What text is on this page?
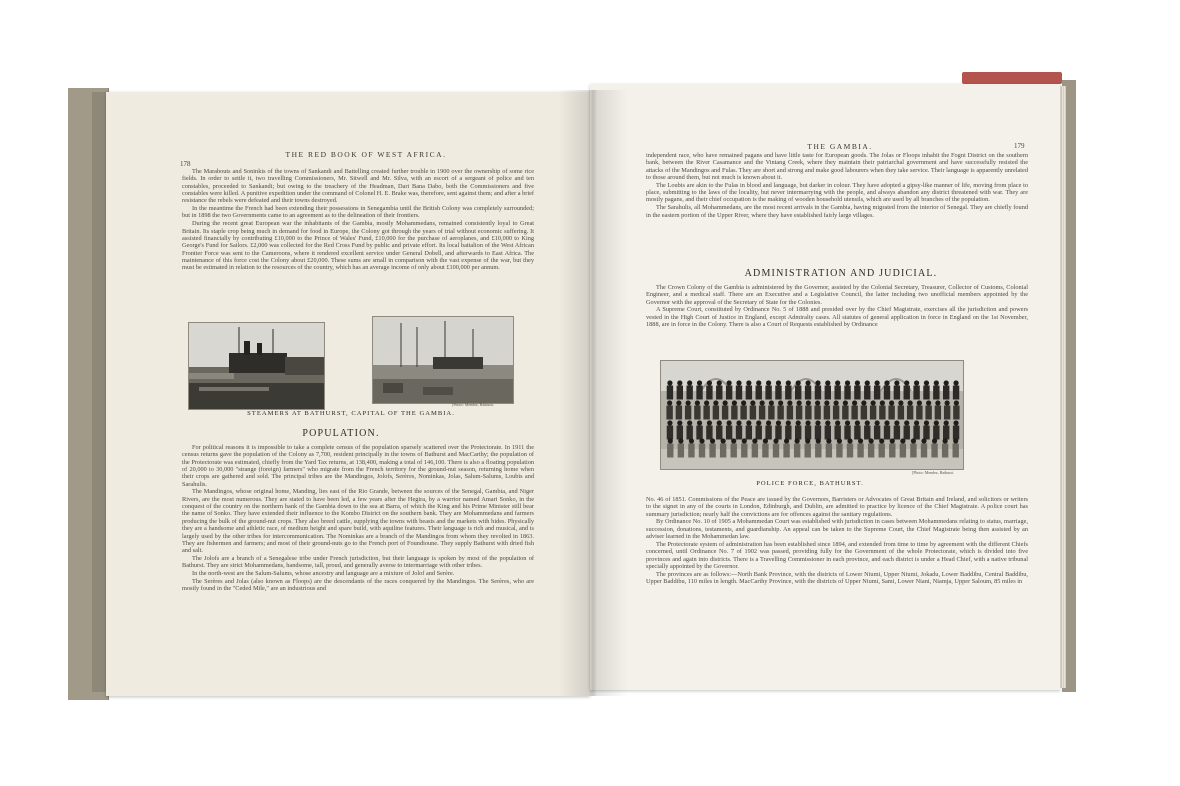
178
THE RED BOOK OF WEST AFRICA.

The Marabouts and Soninkis of the towns of Sankandi and Battelling created further trouble in 1900 over the ownership of some rice fields. In order to settle it, two travelling Commissioners, Mr. Sitwell and Mr. Silva, with an escort of a sergeant of police and ten constables, proceeded to Sankandi; but owing to the treachery of the Headman, Dari Bana Dabo, both the Commissioners and five constables were killed. A punitive expedition under the command of Colonel H. E. Brake was, therefore, sent against them; and after a brief resistance the rebels were defeated and their towns destroyed.

In the meantime the French had been extending their possessions in Senegambia until the British Colony was completely surrounded; but in 1898 the two Governments came to an agreement as to the delineation of their frontiers.

During the recent great European war the inhabitants of the Gambia, mostly Mohammedans, remained consistently loyal to Great Britain. Its staple crop being much in demand for food in Europe, the Colony got through the years of trial without economic suffering. It assisted financially by contributing £10,000 to the Prince of Wales' Fund, £10,000 for the purchase of aeroplanes, and £10,000 to King George's Fund for Sailors. £2,000 was collected for the Red Cross Fund by public and private effort. Its local battalion of the West African Frontier Force was sent to the Cameroons, where it rendered excellent service under General Dobell, and afterwards to East Africa. The maintenance of this force cost the Colony about £20,000. These sums are small in comparison with the vast expense of the war, but they must be estimated in relation to the resources of the country, which has an average income of only about £100,000 per annum.

[Photo: Mendez, Bathurst.
STEAMERS AT BATHURST, CAPITAL OF THE GAMBIA.
POPULATION.

For political reasons it is impossible to take a complete census of the population sparsely scattered over the Protectorate. In 1911 the census returns gave the population of the Colony as 7,700, resident principally in the towns of Bathurst and MacCarthy; the population of the Protectorate was estimated, chiefly from the Yard Tax returns, at 138,400, making a total of 146,100. There is also a floating population of 20,000 to 30,000 "strange (foreign) farmers" who migrate from the French territory for the ground-nut season, returning home when their crops are gathered and sold. The principal tribes are the Mandingos, Jolofs, Serères, Nominkas, Jolas, Salum-Salums, Loubis and Sarahulis.

The Mandingos, whose original home, Manding, lies east of the Rio Grande, between the sources of the Senegal, Gambia, and Niger Rivers, are the most numerous. They are stated to have been led, a few years after the Hegira, by a warrior named Amari Sonko, in the conquest of the country on the northern bank of the Gambia down to the sea at Barra, of which the King and his Prime Minister still bear the name of Sonko. They have extended their influence to the Kombo District on the southern bank. They are Mohammedans and farmers producing the bulk of the ground-nut crops. They also breed cattle, supplying the towns with beasts and the markets with hides. Physically they are a handsome and athletic race, of medium height and spare build, with aquiline features. Their language is rich and musical, and is largely used by the other tribes for intercommunication. The Nominkas are a branch of the Mandingos from whom they revolted in 1863. They are fishermen and farmers; and most of their ground-nuts go to the French port of Foundioune. They supply Bathurst with dried fish and salt.

The Jolofs are a branch of a Senegalese tribe under French jurisdiction, but their language is spoken by most of the population of Bathurst. They are strict Mohammedans, handsome, tall, proud, and generally averse to intermarriage with other tribes.

In the north-west are the Salum-Salums, whose ancestry and language are a mixture of Jolof and Serère.

The Serères and Jolas (also known as Floops) are the descendants of the races conquered by the Mandingos. The Serères, who are mostly found in the "Ceded Mile," are an industrious and

THE GAMBIA.	179

independent race, who have remained pagans and have little taste for European goods. The Jolas or Floops inhabit the Fogni District on the southern bank, between the River Casamance and the Vintang Creek, where they maintain their patriarchal government and have successfully resisted the attacks of the Mandingos and Fulas. They are short and strong and make good labourers when they take service. Their language is apparently unrelated to those around them, but not much is known about it.

The Loubis are akin to the Fulas in blood and language, but darker in colour. They have adopted a gipsy-like manner of life, moving from place to place, submitting to the laws of the locality, but never intermarrying with the people, and always abandon any district threatened with war. They are mostly pagans, and their chief occupation is the making of wooden household utensils, which are used by all branches of the population.

The Sarahulis, all Mohammedans, are the most recent arrivals in the Gambia, having migrated from the interior of Senegal. They are chiefly found in the eastern portion of the Upper River, where they have established fairly large villages.

ADMINISTRATION AND JUDICIAL.

The Crown Colony of the Gambia is administered by the Governor, assisted by the Colonial Secretary, Treasurer, Collector of Customs, Colonial Engineer, and a medical staff. There are an Executive and a Legislative Council, the latter including two unofficial members appointed by the Governor with the approval of the Secretary of State for the Colonies.

A Supreme Court, constituted by Ordinance No. 5 of 1888 and presided over by the Chief Magistrate, exercises all the jurisdiction and powers vested in the High Court of Justice in England, except Admiralty cases. All statutes of general application in force in England on the 1st November, 1888, are in force in the Colony. There is also a Court of Requests established by Ordinance

[Photo: Mendez, Bathurst.
POLICE FORCE, BATHURST.

No. 46 of 1851. Commissions of the Peace are issued by the Governors, Barristers or Advocates of Great Britain and Ireland, and solicitors or writers to the signet in any of the courts in London, Edinburgh, and Dublin, are admitted to practice by licence of the Chief Magistrate. A police court has summary jurisdiction; nearly half the convictions are for offences against the sanitary regulations.

By Ordinance No. 10 of 1905 a Mohammedan Court was established with jurisdiction in cases between Mohammedans relating to status, marriage, succession, donations, testaments, and guardianship. An appeal can be taken to the Supreme Court, the Chief Magistrate being then assisted by an adviser learned in the Mohammedan law.

The Protectorate system of administration has been established since 1894, and extended from time to time by agreement with the different Chiefs concerned, until Ordinance No. 7 of 1902 was passed, providing fully for the Government of the whole Protectorate, which is divided into five provinces and again into districts. There is a Travelling Commissioner in each province, and each district is under a Head Chief, with a native tribunal specially appointed by the Governor.

The provinces are as follows:—North Bank Province, with the districts of Lower Niumi, Upper Niumi, Jokadu, Lower Baddibu, Central Baddibu, Upper Baddibu, 110 miles in length. MacCarthy Province, with the districts of Upper Niumi, Sami, Lower Niani, Niamja, Upper Saloum, 85 miles in
